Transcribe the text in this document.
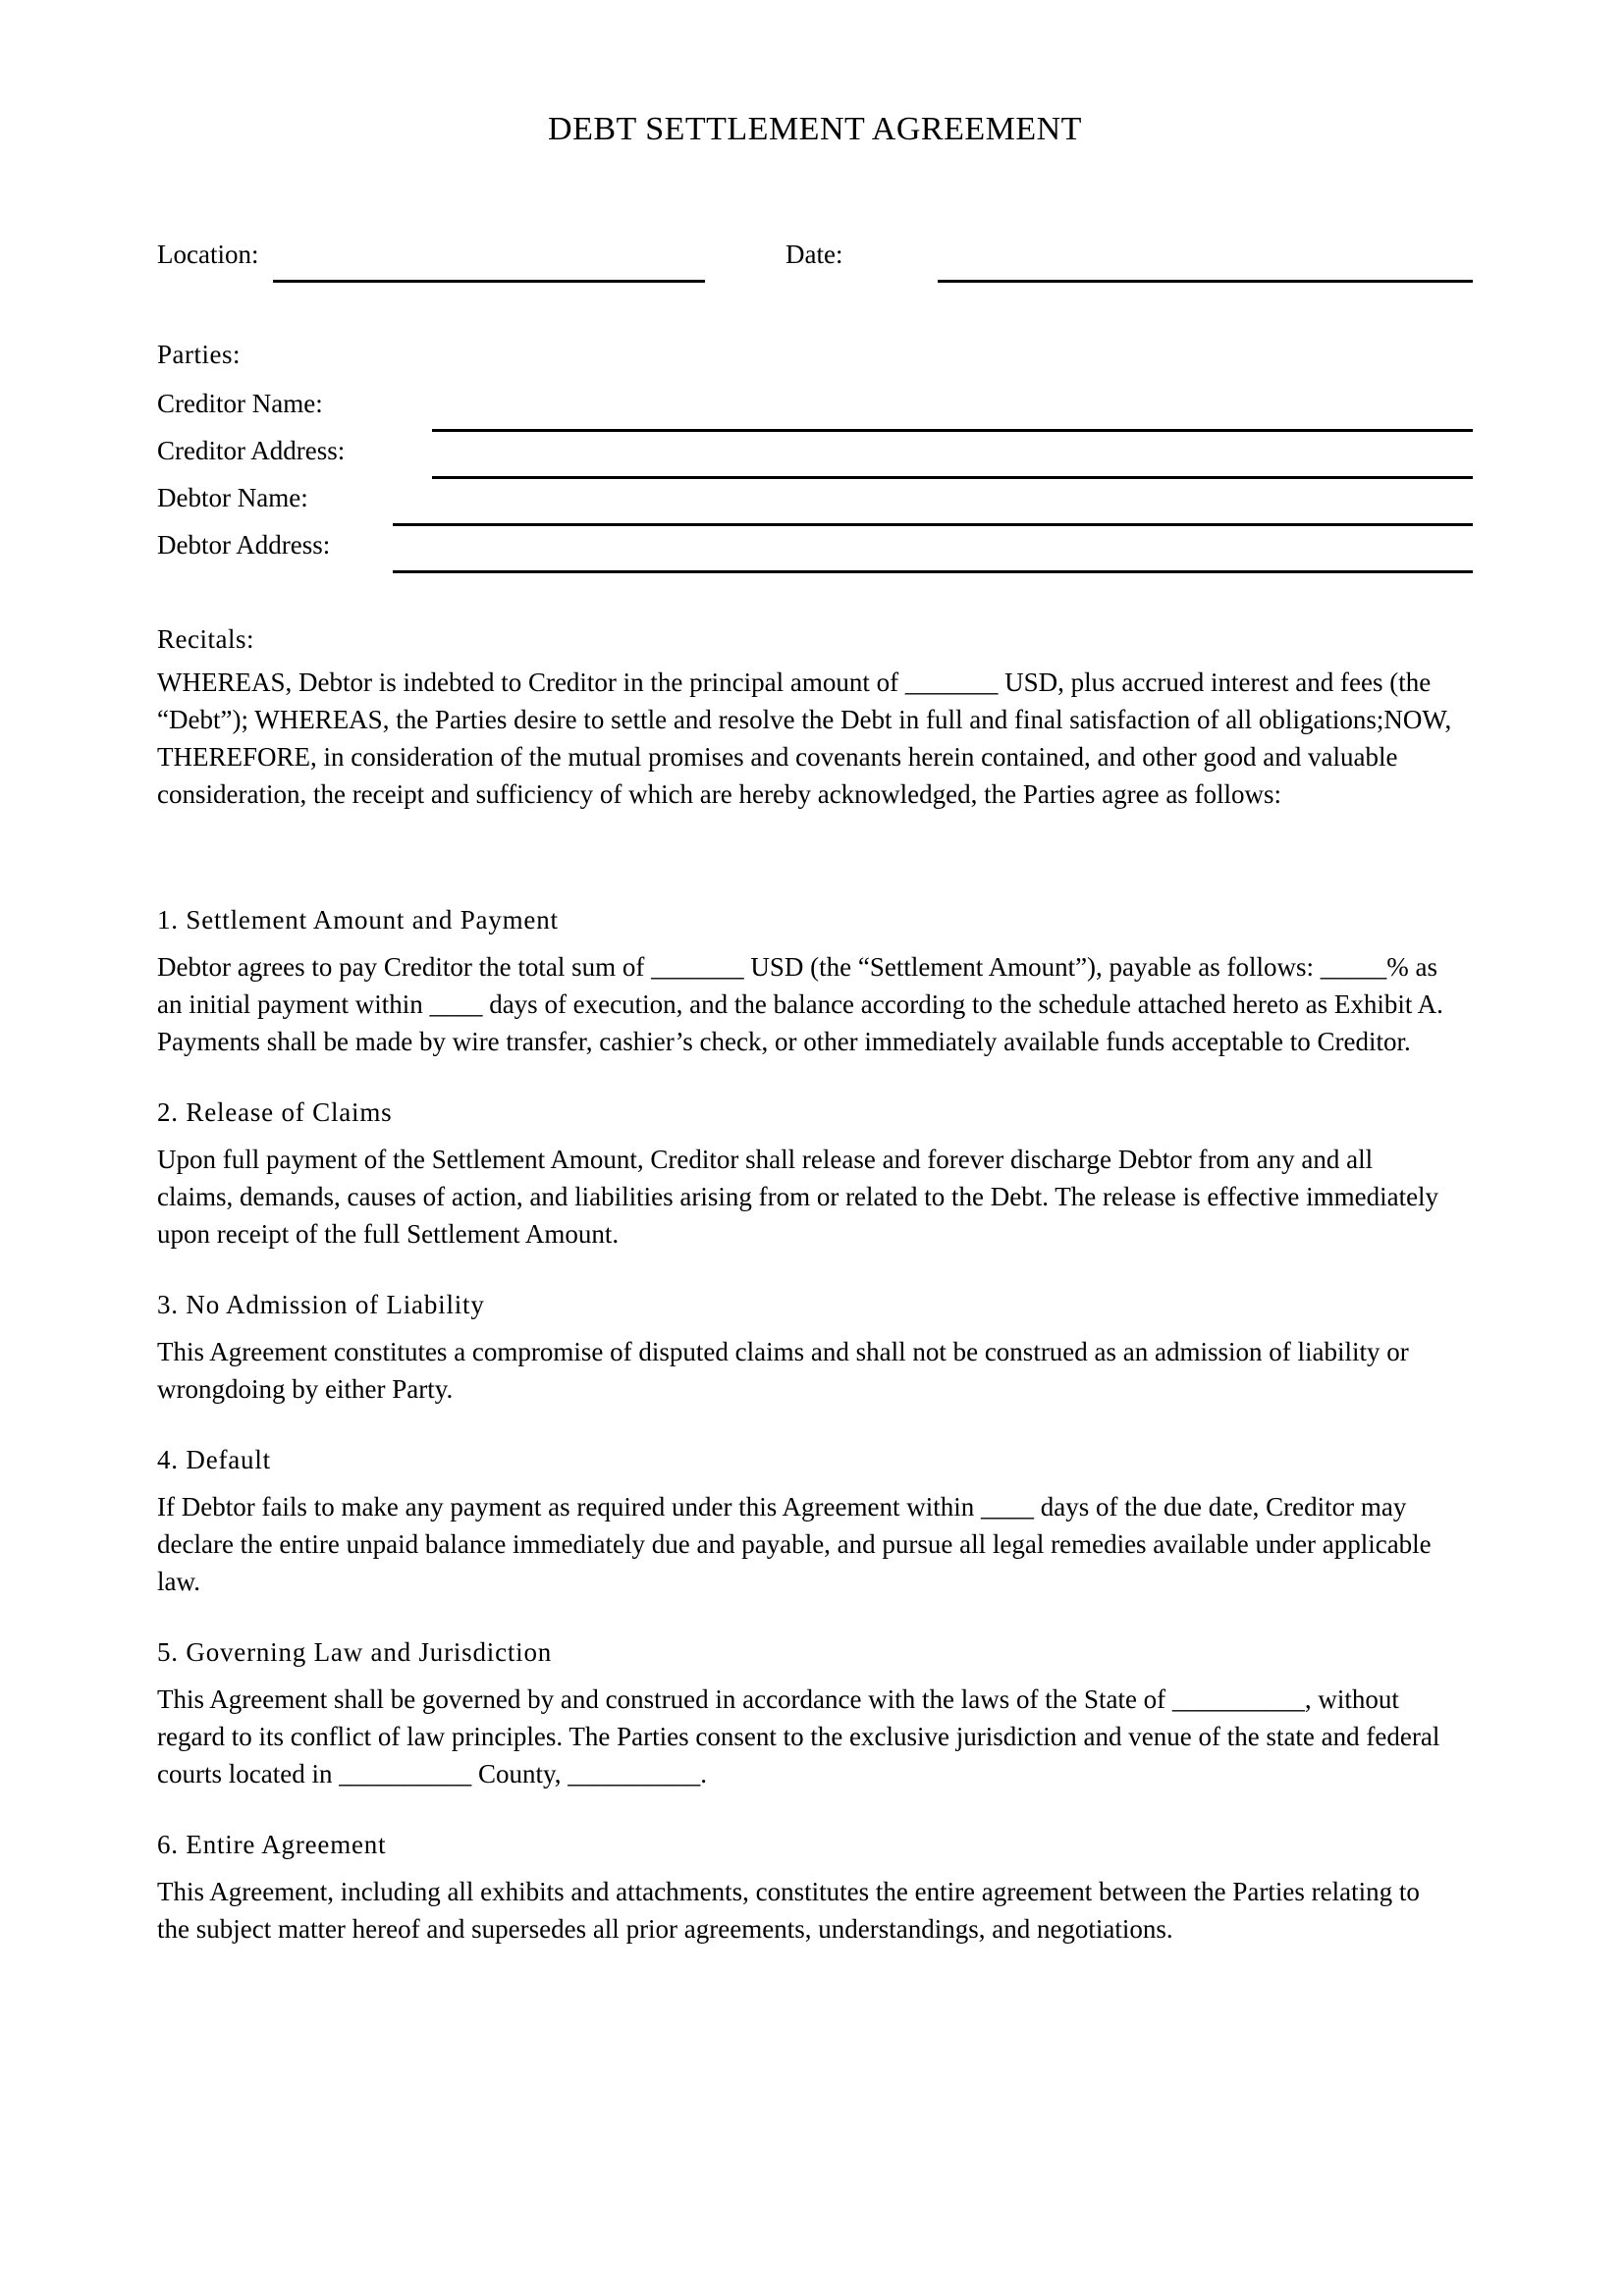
DEBT SETTLEMENT AGREEMENT
Location:	Date:

Parties:

Creditor Name:
Creditor Address:
Debtor Name:
Debtor Address:

Recitals:

WHEREAS, Debtor is indebted to Creditor in the principal amount of _______ USD, plus accrued interest and fees (the “Debt”); WHEREAS, the Parties desire to settle and resolve the Debt in full and final satisfaction of all obligations;NOW, THEREFORE, in consideration of the mutual promises and covenants herein contained, and other good and valuable consideration, the receipt and sufficiency of which are hereby acknowledged, the Parties agree as follows:

1. Settlement Amount and Payment

Debtor agrees to pay Creditor the total sum of _______ USD (the “Settlement Amount”), payable as follows: _____% as an initial payment within ____ days of execution, and the balance according to the schedule attached hereto as Exhibit A. Payments shall be made by wire transfer, cashier’s check, or other immediately available funds acceptable to Creditor.

2. Release of Claims

Upon full payment of the Settlement Amount, Creditor shall release and forever discharge Debtor from any and all claims, demands, causes of action, and liabilities arising from or related to the Debt. The release is effective immediately upon receipt of the full Settlement Amount.

3. No Admission of Liability

This Agreement constitutes a compromise of disputed claims and shall not be construed as an admission of liability or wrongdoing by either Party.

4. Default

If Debtor fails to make any payment as required under this Agreement within ____ days of the due date, Creditor may declare the entire unpaid balance immediately due and payable, and pursue all legal remedies available under applicable law.

5. Governing Law and Jurisdiction

This Agreement shall be governed by and construed in accordance with the laws of the State of __________, without regard to its conflict of law principles. The Parties consent to the exclusive jurisdiction and venue of the state and federal courts located in __________ County, __________.

6. Entire Agreement

This Agreement, including all exhibits and attachments, constitutes the entire agreement between the Parties relating to the subject matter hereof and supersedes all prior agreements, understandings, and negotiations.
